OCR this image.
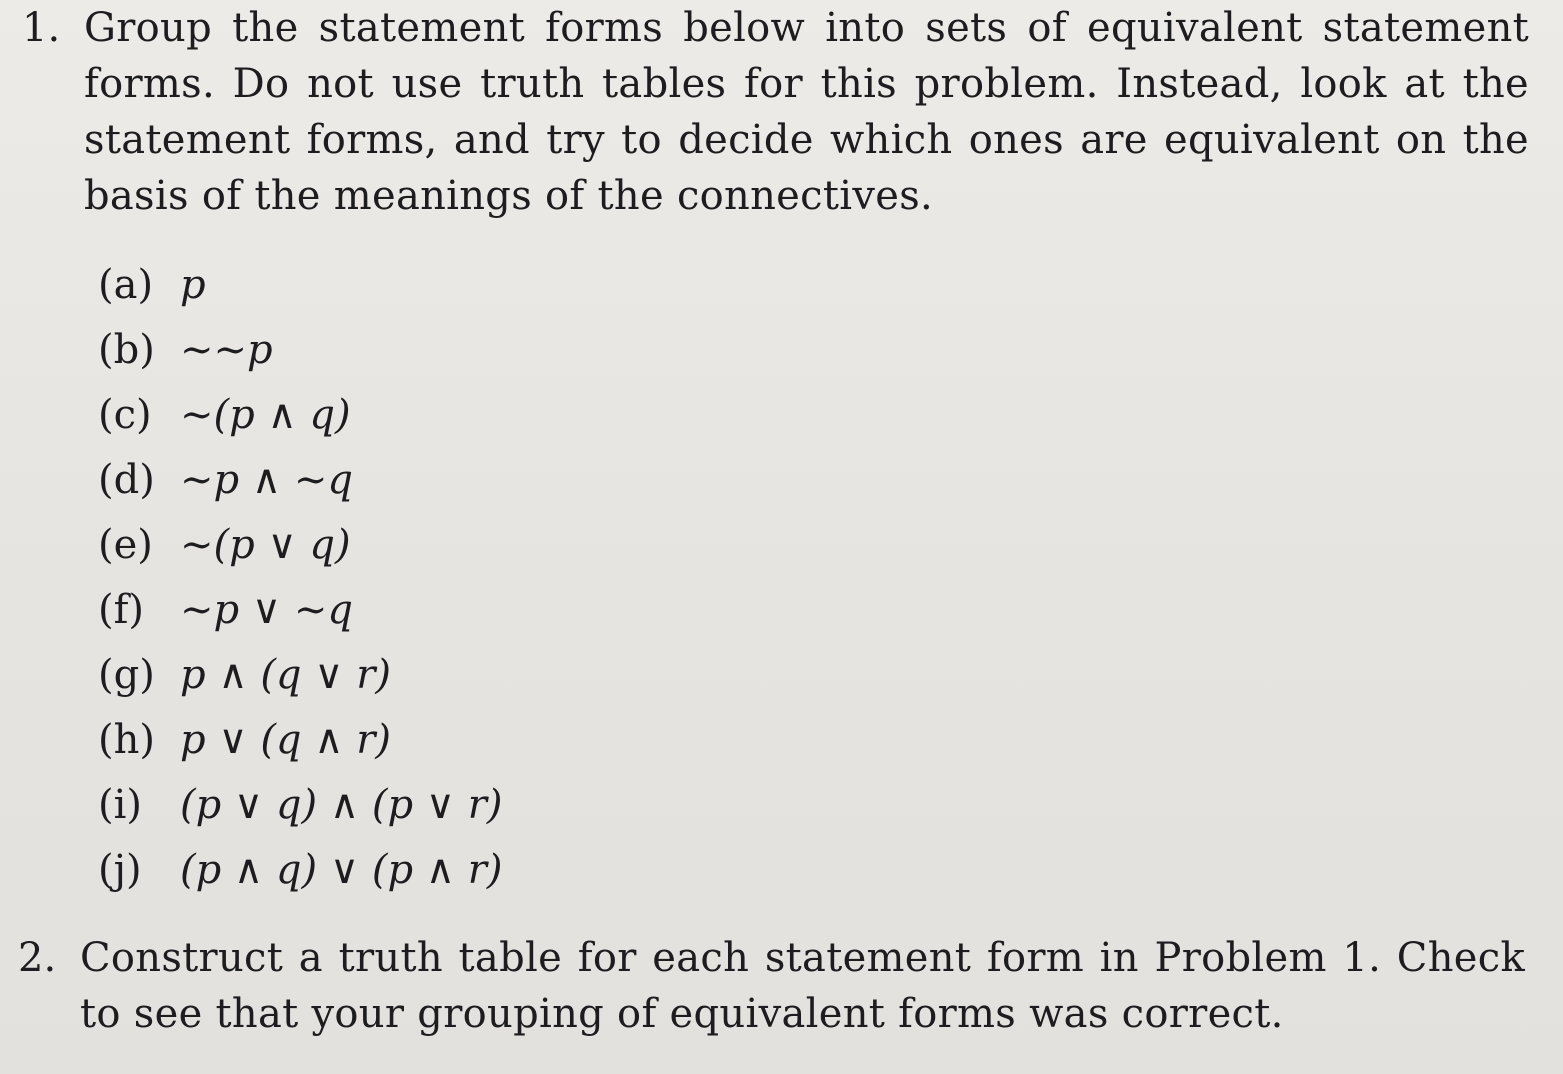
1. Group the statement forms below into sets of equivalent statement forms. Do not use truth tables for this problem. Instead, look at the statement forms, and try to decide which ones are equivalent on the basis of the meanings of the connectives.
(a) p
(b) ∼∼p
(c) ∼(p ∧ q)
(d) ∼p ∧ ∼q
(e) ∼(p ∨ q)
(f) ∼p ∨ ∼q
(g) p ∧ (q ∨ r)
(h) p ∨ (q ∧ r)
(i) (p ∨ q) ∧ (p ∨ r)
(j) (p ∧ q) ∨ (p ∧ r)
2. Construct a truth table for each statement form in Problem 1. Check to see that your grouping of equivalent forms was correct.
